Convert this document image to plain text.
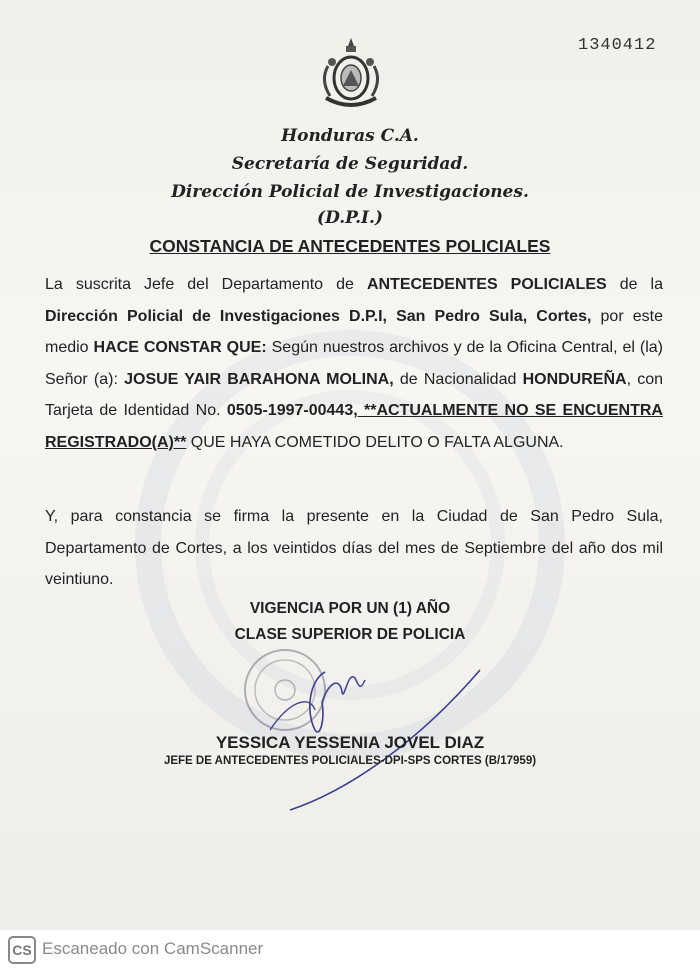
1340412
Honduras C.A.
Secretaría de Seguridad.
Dirección Policial de Investigaciones.
(D.P.I.)
CONSTANCIA DE ANTECEDENTES POLICIALES
La suscrita Jefe del Departamento de ANTECEDENTES POLICIALES de la Dirección Policial de Investigaciones D.P.I, San Pedro Sula, Cortes, por este medio HACE CONSTAR QUE: Según nuestros archivos y de la Oficina Central, el (la) Señor (a): JOSUE YAIR BARAHONA MOLINA, de Nacionalidad HONDUREÑA, con Tarjeta de Identidad No. 0505-1997-00443, **ACTUALMENTE NO SE ENCUENTRA REGISTRADO(A)** QUE HAYA COMETIDO DELITO O FALTA ALGUNA.
Y, para constancia se firma la presente en la Ciudad de San Pedro Sula, Departamento de Cortes, a los veintidos días del mes de Septiembre del año dos mil veintiuno.
VIGENCIA POR UN (1) AÑO
CLASE SUPERIOR DE POLICIA
YESSICA YESSENIA JOVEL DIAZ
JEFE DE ANTECEDENTES POLICIALES-DPI-SPS CORTES (B/17959)
CS Escaneado con CamScanner
